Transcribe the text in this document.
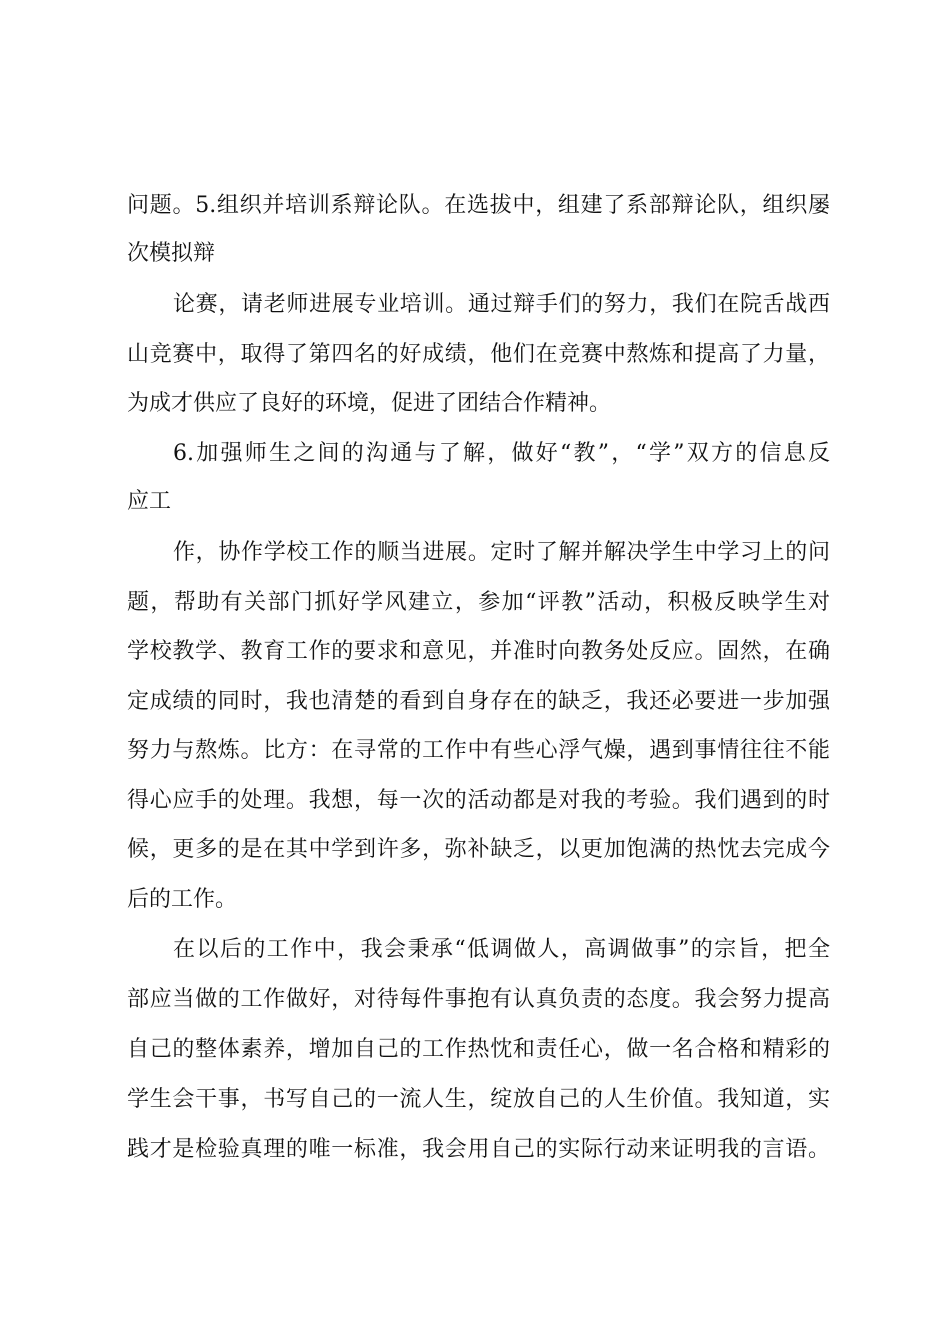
问题。5.组织并培训系辩论队。在选拔中，组建了系部辩论队，组织屡
次模拟辩
论赛，请老师进展专业培训。通过辩手们的努力，我们在院舌战西
山竞赛中，取得了第四名的好成绩，他们在竞赛中熬炼和提高了力量，
为成才供应了良好的环境，促进了团结合作精神。
6.加强师生之间的沟通与了解，做好“教”，“学”双方的信息反
应工
作，协作学校工作的顺当进展。定时了解并解决学生中学习上的问
题，帮助有关部门抓好学风建立，参加“评教”活动，积极反映学生对
学校教学、教育工作的要求和意见，并准时向教务处反应。固然，在确
定成绩的同时，我也清楚的看到自身存在的缺乏，我还必要进一步加强
努力与熬炼。比方：在寻常的工作中有些心浮气燥，遇到事情往往不能
得心应手的处理。我想，每一次的活动都是对我的考验。我们遇到的时
候，更多的是在其中学到许多，弥补缺乏，以更加饱满的热忱去完成今
后的工作。
在以后的工作中，我会秉承“低调做人，高调做事”的宗旨，把全
部应当做的工作做好，对待每件事抱有认真负责的态度。我会努力提高
自己的整体素养，增加自己的工作热忱和责任心，做一名合格和精彩的
学生会干事，书写自己的一流人生，绽放自己的人生价值。我知道，实
践才是检验真理的唯一标准，我会用自己的实际行动来证明我的言语。
